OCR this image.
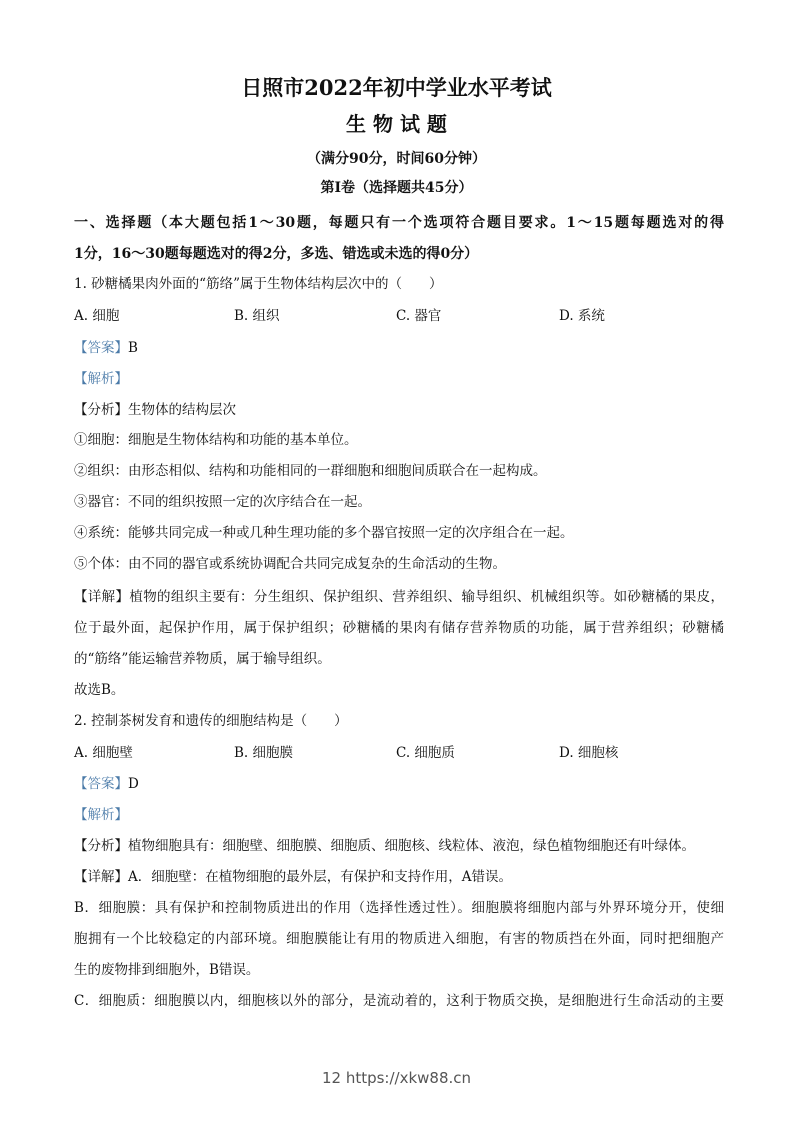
日照市2022年初中学业水平考试
生 物 试 题
（满分90分，时间60分钟）
第Ⅰ卷（选择题共45分）
一、选择题（本大题包括1～30题，每题只有一个选项符合题目要求。1～15题每题选对的得
1分，16～30题每题选对的得2分，多选、错选或未选的得0分）
1. 砂糖橘果肉外面的“筋络”属于生物体结构层次中的（　　）
A. 细胞	B. 组织	C. 器官	D. 系统
【答案】B
【解析】
【分析】生物体的结构层次
①细胞：细胞是生物体结构和功能的基本单位。
②组织：由形态相似、结构和功能相同的一群细胞和细胞间质联合在一起构成。
③器官：不同的组织按照一定的次序结合在一起。
④系统：能够共同完成一种或几种生理功能的多个器官按照一定的次序组合在一起。
⑤个体：由不同的器官或系统协调配合共同完成复杂的生命活动的生物。
【详解】植物的组织主要有：分生组织、保护组织、营养组织、输导组织、机械组织等。如砂糖橘的果皮，
位于最外面，起保护作用，属于保护组织；砂糖橘的果肉有储存营养物质的功能，属于营养组织；砂糖橘
的“筋络”能运输营养物质，属于输导组织。
故选B。
2. 控制茶树发育和遗传的细胞结构是（　　）
A. 细胞壁	B. 细胞膜	C. 细胞质	D. 细胞核
【答案】D
【解析】
【分析】植物细胞具有：细胞壁、细胞膜、细胞质、细胞核、线粒体、液泡，绿色植物细胞还有叶绿体。
【详解】A．细胞壁：在植物细胞的最外层，有保护和支持作用，A错误。
B．细胞膜：具有保护和控制物质进出的作用（选择性透过性）。细胞膜将细胞内部与外界环境分开，使细
胞拥有一个比较稳定的内部环境。细胞膜能让有用的物质进入细胞，有害的物质挡在外面，同时把细胞产
生的废物排到细胞外，B错误。
C．细胞质：细胞膜以内，细胞核以外的部分，是流动着的，这利于物质交换，是细胞进行生命活动的主要
12 https://xkw88.cn
